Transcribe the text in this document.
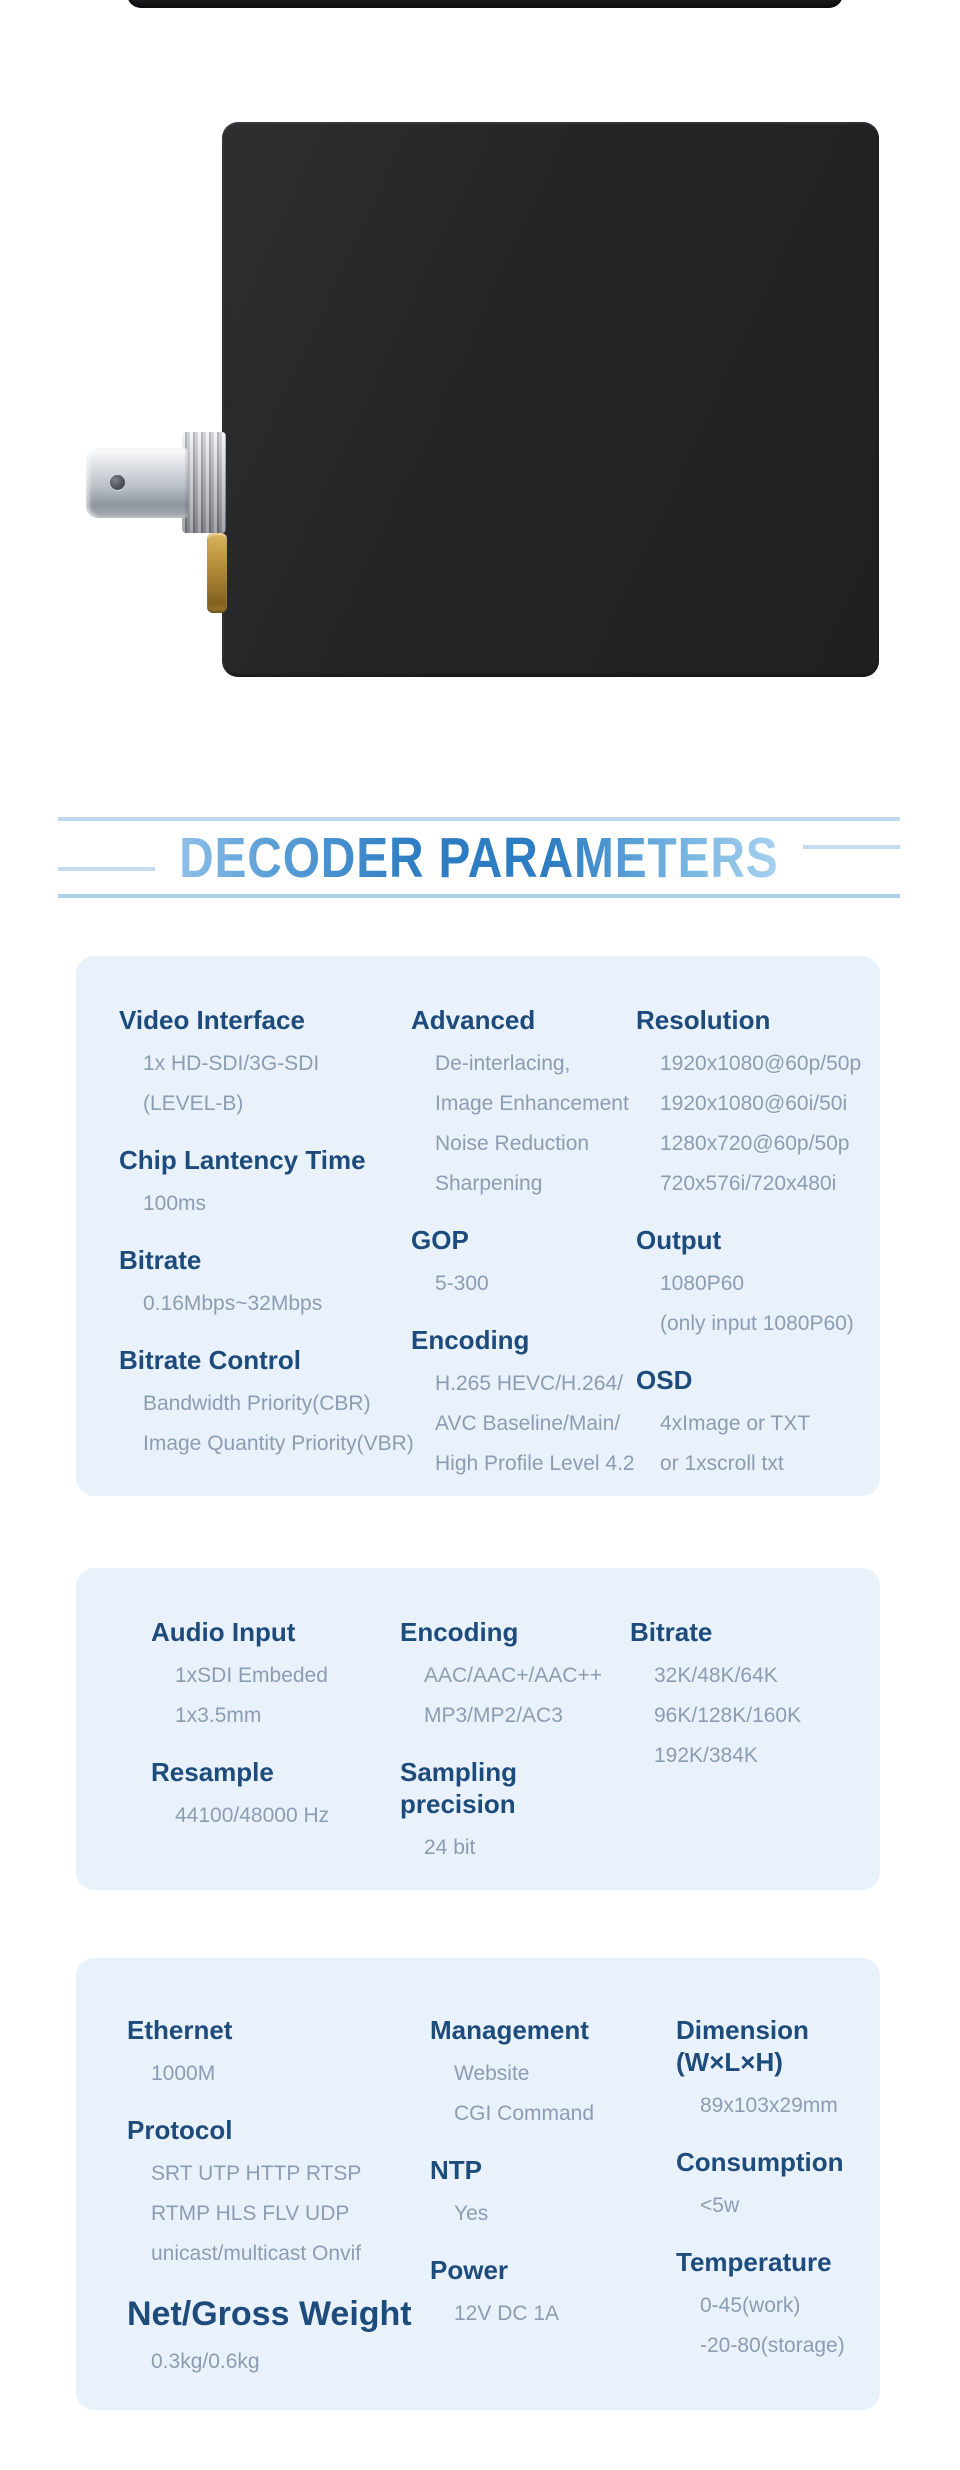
DECODER PARAMETERS
Video Interface

1x HD-SDI/3G-SDI

(LEVEL-B)

Chip Lantency Time

100ms

Bitrate

0.16Mbps~32Mbps

Bitrate Control

Bandwidth Priority(CBR)

Image Quantity Priority(VBR)

Advanced

De-interlacing,

Image Enhancement

Noise Reduction

Sharpening

GOP

5-300

Encoding

H.265 HEVC/H.264/

AVC Baseline/Main/

High Profile Level 4.2

Resolution

1920x1080@60p/50p

1920x1080@60i/50i

1280x720@60p/50p

720x576i/720x480i

Output

1080P60

(only input 1080P60)

OSD

4xImage or TXT

or 1xscroll txt

Audio Input

1xSDI Embeded

1x3.5mm

Resample

44100/48000 Hz

Encoding

AAC/AAC+/AAC++

MP3/MP2/AC3

Sampling precision

24 bit

Bitrate

32K/48K/64K

96K/128K/160K

192K/384K

Ethernet

1000M

Protocol

SRT UTP HTTP RTSP

RTMP HLS FLV UDP

unicast/multicast Onvif

Net/Gross Weight

0.3kg/0.6kg

Management

Website

CGI Command

NTP

Yes

Power

12V DC 1A

Dimension (W×L×H)

89x103x29mm

Consumption

<5w

Temperature

0-45(work)

-20-80(storage)
